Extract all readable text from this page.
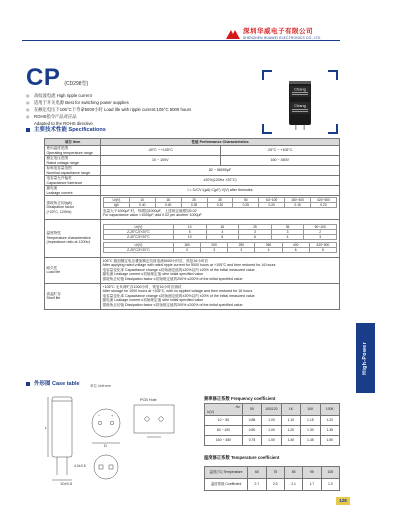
深圳华威电子有限公司
SHENZHEN HUAWEI ELECTRONICS CO.,LTD.
CP (CD298型)
◎	高纹波电流 High ripple current
◎	适用于开关电源 Best for switching power supplies
◎	在额定电压下105°C下寿命5000小时 Load life with ripple current:105°C 5000 hours
◎	ROHS指令产品对应品
Adapted to the ROHS directive
Chang
Chang
主要技术性能 Specifications
项目 Item	性能 Performance Characteristics

使用温度范围
Operating temperature range
	-40°C ~ +105°C	-25°C ~ +105°C

额定电压范围
Rated voltage range
	10 ~ 100V	160 ~ 450V

标称电容量范围
Nominal capacitance range
	82 ~ 56000μF

电容量允许偏差
Capacitance tolerance
	±20%(120Hz +20°C)

漏电流
Leakage current
	I = 3√CV I(μA) C(μF) V(V) after 5minutes

损耗角正切(tgδ)
Dissipation factor
(+20°C, 120Hz)

Ur(V)	10	16	25	35	50	63~100	160~400	420~500
tgδ	0.40	0.40	0.35	0.30	0.25	0.20	0.15	0.20
容量大于1000μF 时，每增加1000μF，上述规定值增加0.02
For capacitance value >1000μF, add 0.02 per another 1000μF

温度特性
Temperature characteristics
(Impedance ratio at 120Hz)

Ur(V)	10	16	25	35	50~100
Z-25°C/Z+20°C	5	4	3	3	2
Z-40°C/Z+20°C	10	8	6	4	3
Ur(V)	160	200	250	350	400	420~500
Z-25°C/Z+20°C	3	3	3	4	6	6

耐久性
Load life

105°C 施加额定电压叠加额定纹波电流5000小时后，恢复16小时后
After applying rated voltage with rated ripple current for 5000 hours at +105°C and then restored for 16 hours
电容量变化率 Capacitance change ≤初始测定值的±20%以内 ±20% of the initial measured value
漏电流 Leakage current ≤初始规定值 ≤the initial specified value
损耗角正切值 Dissipation factor ≤初始规定值的200% ≤200% of the initial specified value

高温贮存
Shelf life

+105°C 无负荷贮存1000小时，恢复16小时后测试
After storage for 1000 hours at +105°C, with no applied voltage and then restored for 16 hours
电容量变化率 Capacitance change ≤初始测定值的±20%以内 ±20% of the initial measured value
漏电流 Leakage current ≤初始规定值 ≤the initial specified value
损耗角正切值 Dissipation factor ≤初始规定值的200% ≤200% of the initial specified value
外形图 Case table	单位 Unit:mm
L
10±0.5
4.0±0.5
D
−	+
PCB Hole	频率修正系数 Frequency coefficient
Hz
U(V)	50	100/120	1K	10K	100K
10 ~ 50	0.88	1.00	1.10	1.15	1.20
63 ~ 100	0.80	1.00	1.20	1.30	1.35
160 ~ 450	0.75	1.00	1.40	1.45	1.50
温度修正系数 Temperature coefficient
温度(°C) Temperature	65	75	85	95	105
温度系数 Coefficient	2.7	2.5	2.1	1.7	1.0
High-Power
128
